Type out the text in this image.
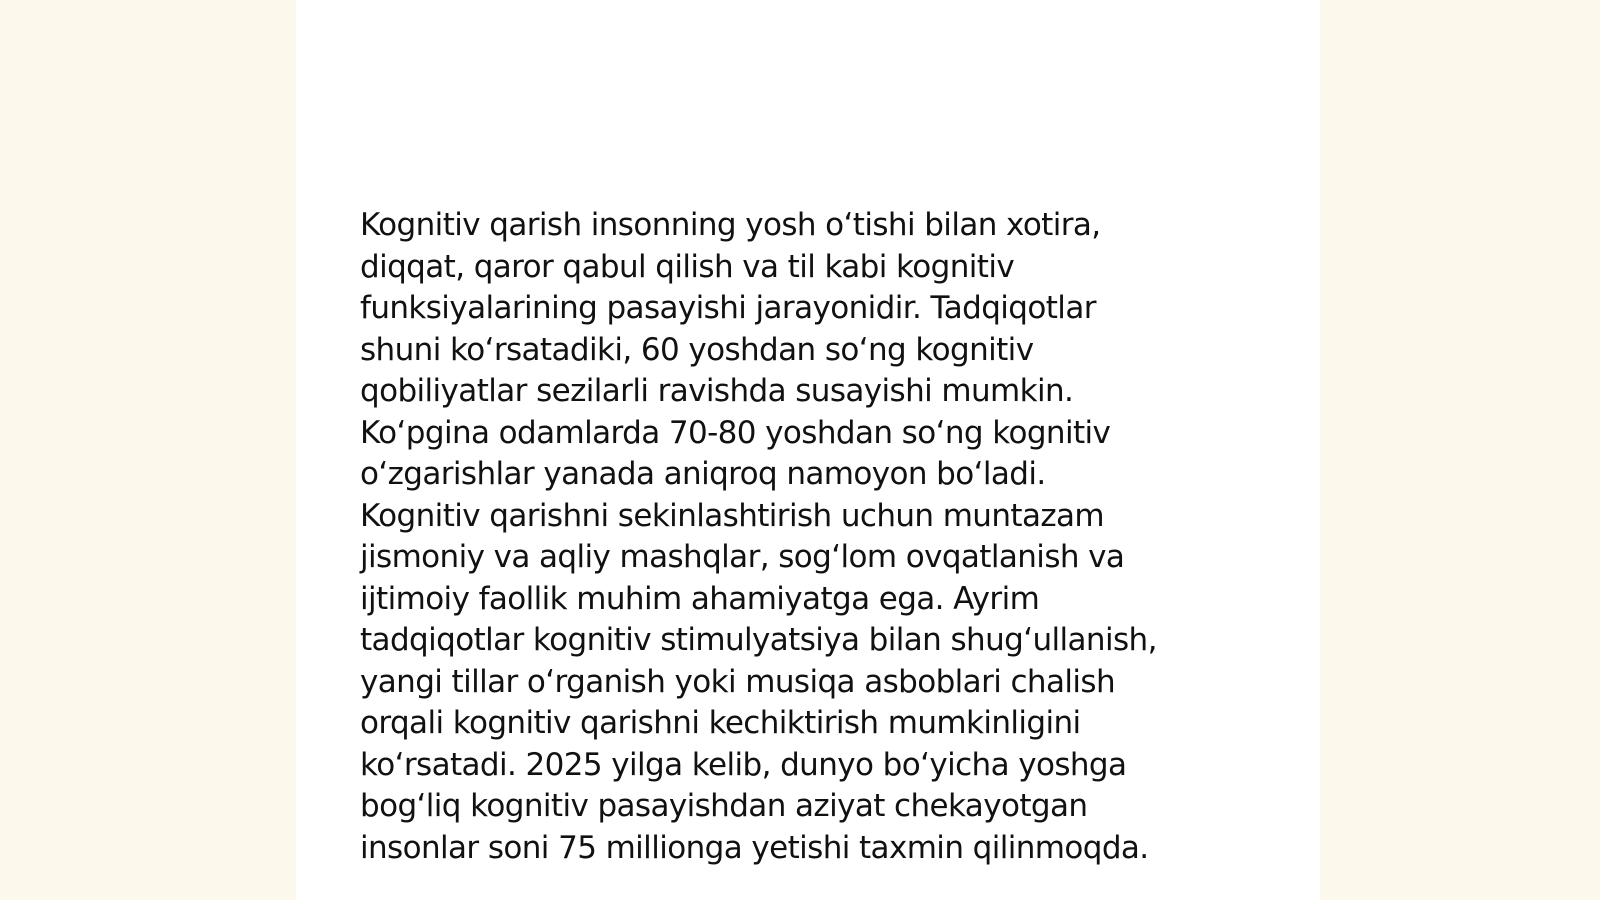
Kognitiv qarish insonning yosh o‘tishi bilan xotira,
diqqat, qaror qabul qilish va til kabi kognitiv
funksiyalarining pasayishi jarayonidir. Tadqiqotlar
shuni ko‘rsatadiki, 60 yoshdan so‘ng kognitiv
qobiliyatlar sezilarli ravishda susayishi mumkin.
Ko‘pgina odamlarda 70-80 yoshdan so‘ng kognitiv
o‘zgarishlar yanada aniqroq namoyon bo‘ladi.
Kognitiv qarishni sekinlashtirish uchun muntazam
jismoniy va aqliy mashqlar, sog‘lom ovqatlanish va
ijtimoiy faollik muhim ahamiyatga ega. Ayrim
tadqiqotlar kognitiv stimulyatsiya bilan shug‘ullanish,
yangi tillar o‘rganish yoki musiqa asboblari chalish
orqali kognitiv qarishni kechiktirish mumkinligini
ko‘rsatadi. 2025 yilga kelib, dunyo bo‘yicha yoshga
bog‘liq kognitiv pasayishdan aziyat chekayotgan
insonlar soni 75 millionga yetishi taxmin qilinmoqda.
